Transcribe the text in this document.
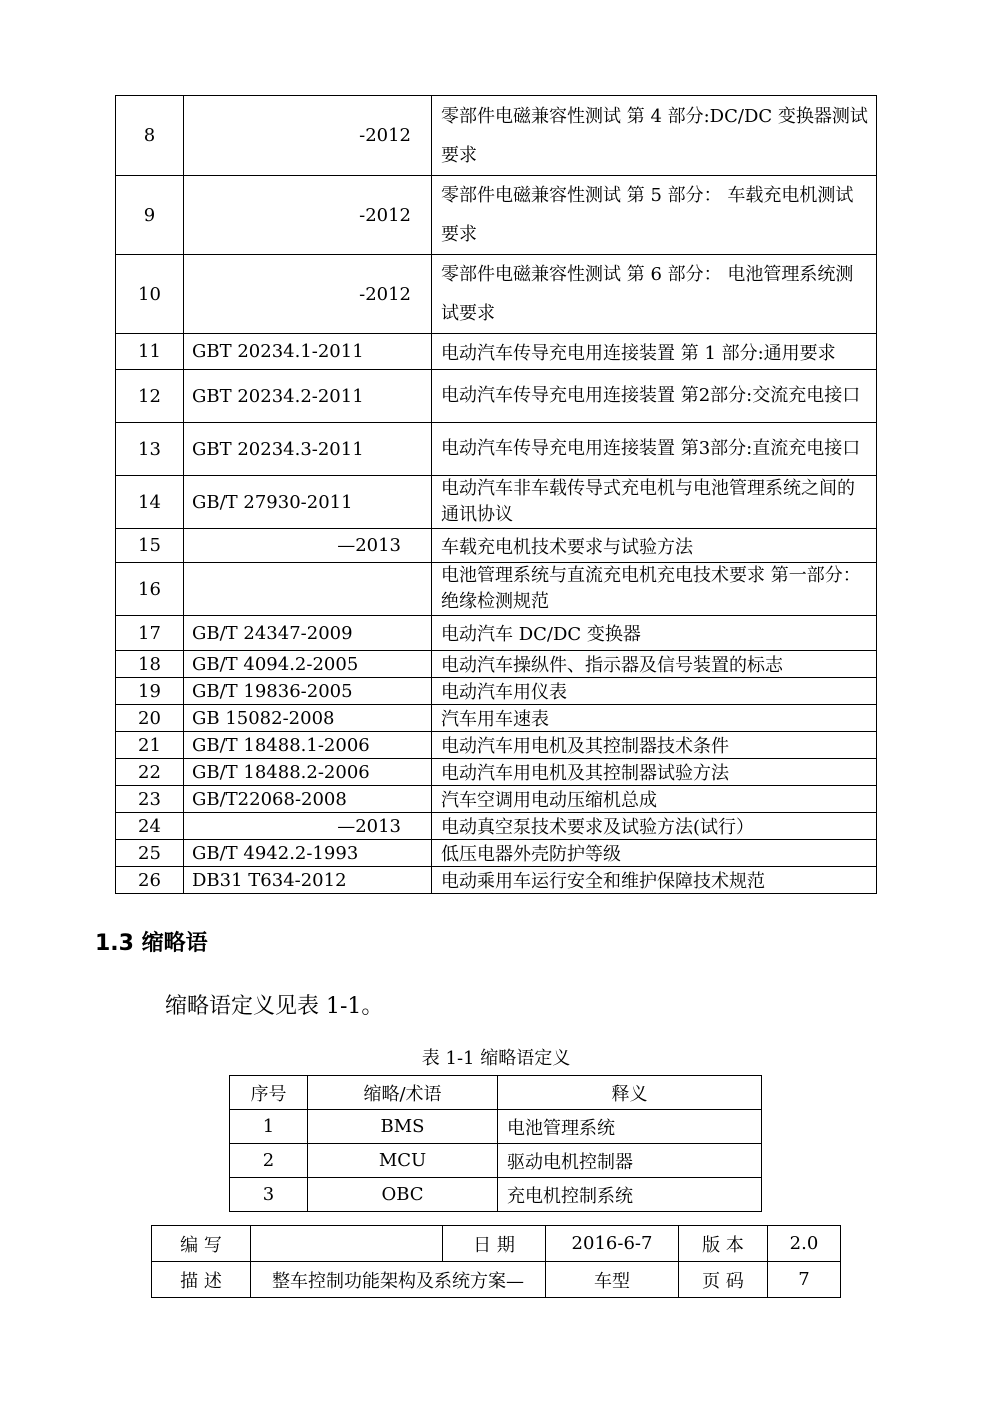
8	-2012	零部件电磁兼容性测试 第 4 部分:DC/DC 变换器测试要求
9	-2012	零部件电磁兼容性测试 第 5 部分： 车载充电机测试要求
10	-2012	零部件电磁兼容性测试 第 6 部分： 电池管理系统测试要求
11	GBT 20234.1-2011	电动汽车传导充电用连接装置 第 1 部分:通用要求
12	GBT 20234.2-2011	电动汽车传导充电用连接装置 第2部分:交流充电接口
13	GBT 20234.3-2011	电动汽车传导充电用连接装置 第3部分:直流充电接口
14	GB/T 27930-2011	电动汽车非车载传导式充电机与电池管理系统之间的通讯协议
15	—2013	车载充电机技术要求与试验方法
16		电池管理系统与直流充电机充电技术要求 第一部分：绝缘检测规范
17	GB/T 24347-2009	电动汽车 DC/DC 变换器
18	GB/T 4094.2-2005	电动汽车操纵件、指示器及信号装置的标志
19	GB/T 19836-2005	电动汽车用仪表
20	GB 15082-2008	汽车用车速表
21	GB/T 18488.1-2006	电动汽车用电机及其控制器技术条件
22	GB/T 18488.2-2006	电动汽车用电机及其控制器试验方法
23	GB/T22068-2008	汽车空调用电动压缩机总成
24	—2013	电动真空泵技术要求及试验方法(试行）
25	GB/T 4942.2-1993	低压电器外壳防护等级
26	DB31 T634-2012	电动乘用车运行安全和维护保障技术规范
1.3 缩略语

缩略语定义见表 1-1。

表 1-1 缩略语定义

序号	缩略/术语	释义
1	BMS	电池管理系统
2	MCU	驱动电机控制器
3	OBC	充电机控制系统
编 写		日 期	2016-6-7	版 本	2.0
描 述	整车控制功能架构及系统方案—		车型	页 码	7
